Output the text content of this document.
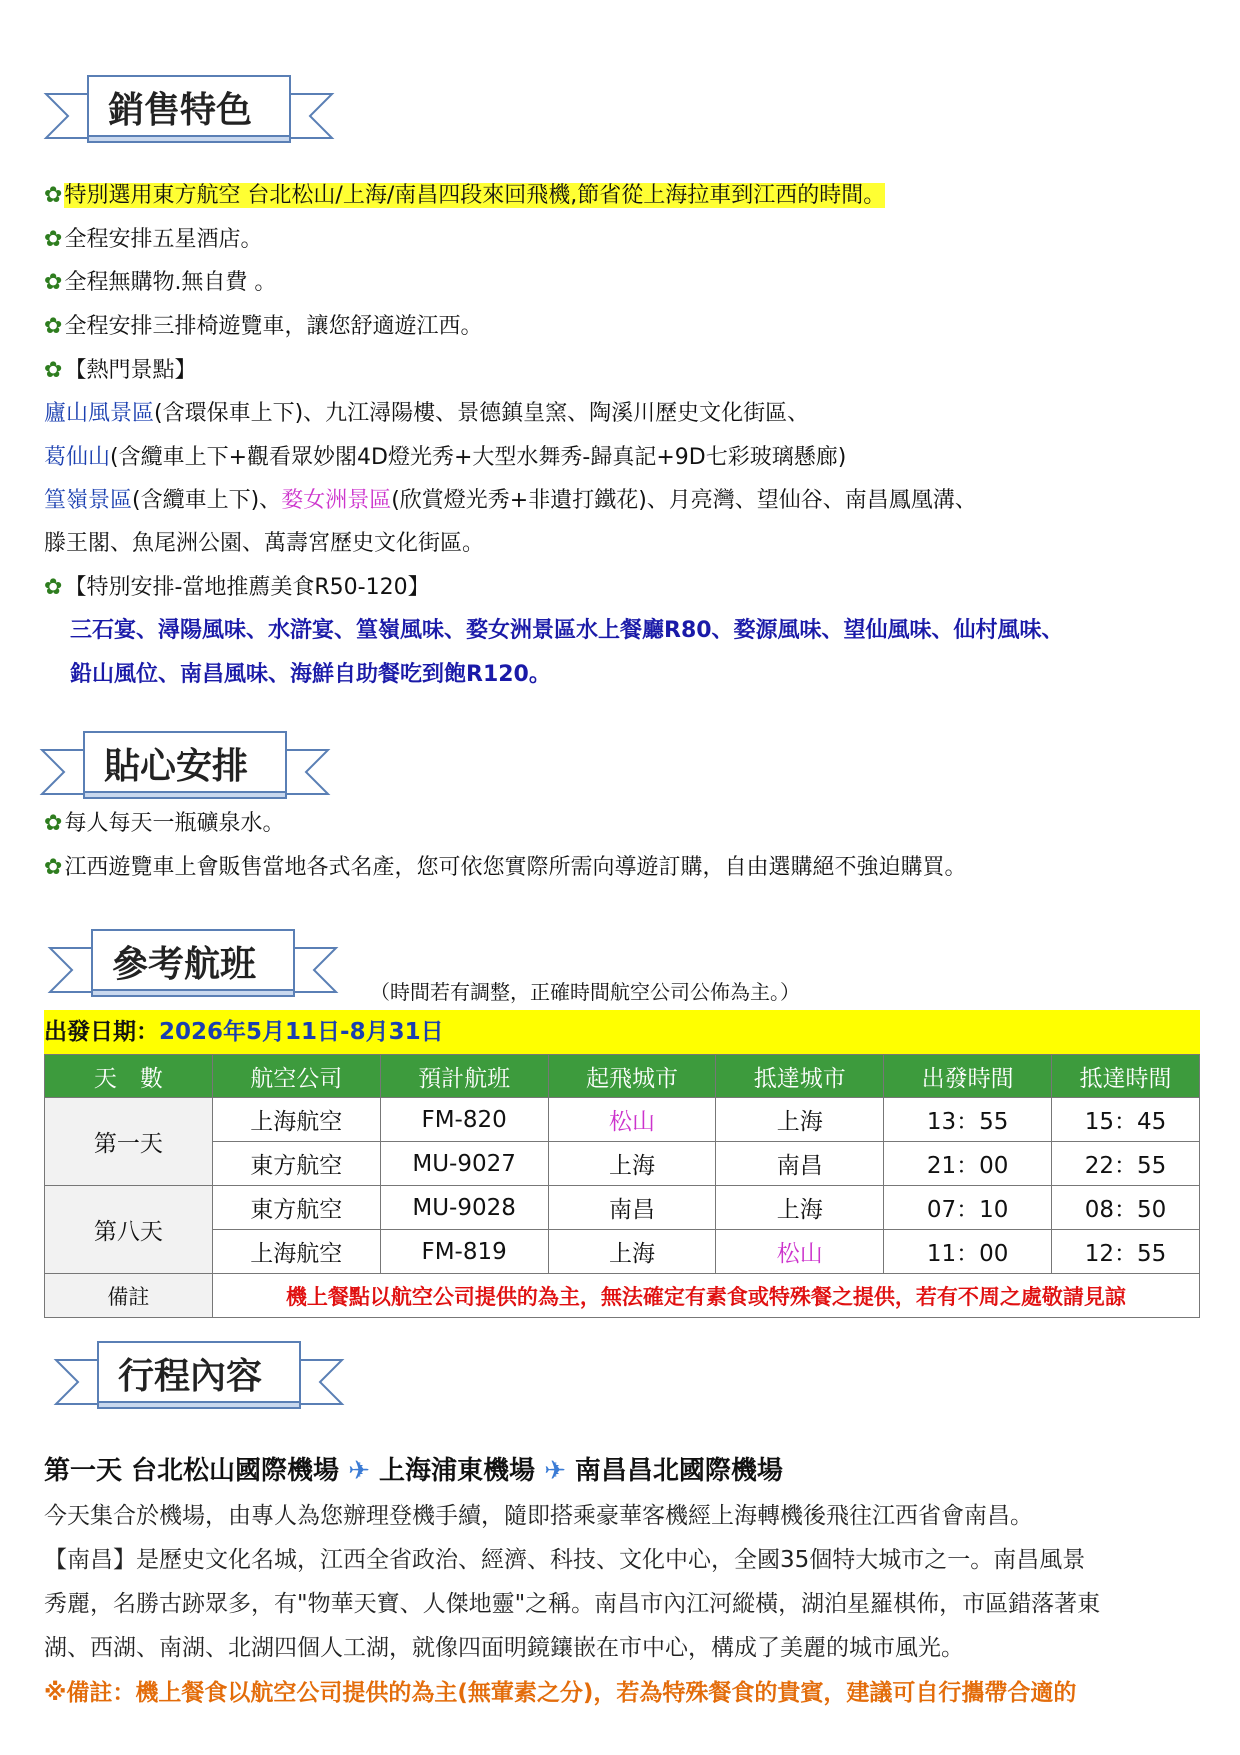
銷售特色
✿特別選用東方航空 台北松山/上海/南昌四段來回飛機,節省從上海拉車到江西的時間。
✿全程安排五星酒店。
✿全程無購物.無自費 。
✿全程安排三排椅遊覽車，讓您舒適遊江西。
✿【熱門景點】
廬山風景區(含環保車上下)、九江潯陽樓、景德鎮皇窯、陶溪川歷史文化街區、
葛仙山(含纜車上下+觀看眾妙閣4D燈光秀+大型水舞秀-歸真記+9D七彩玻璃懸廊)
篁嶺景區(含纜車上下)、婺女洲景區(欣賞燈光秀+非遺打鐵花)、月亮灣、望仙谷、南昌鳳凰溝、
滕王閣、魚尾洲公園、萬壽宮歷史文化街區。
✿【特別安排-當地推薦美食R50-120】
三石宴、潯陽風味、水滸宴、篁嶺風味、婺女洲景區水上餐廳R80、婺源風味、望仙風味、仙村風味、
鉛山風位、南昌風味、海鮮自助餐吃到飽R120。
貼心安排
✿每人每天一瓶礦泉水。
✿江西遊覽車上會販售當地各式名產，您可依您實際所需向導遊訂購，自由選購絕不強迫購買。
參考航班
（時間若有調整，正確時間航空公司公佈為主。）
出發日期：2026年5月11日-8月31日
天　數	航空公司	預計航班	起飛城市	抵達城市	出發時間	抵達時間
第一天	上海航空	FM-820	松山	上海	13：55	15：45
	東方航空	MU-9027	上海	南昌	21：00	22：55
第八天	東方航空	MU-9028	南昌	上海	07：10	08：50
	上海航空	FM-819	上海	松山	11：00	12：55
備註	機上餐點以航空公司提供的為主，無法確定有素食或特殊餐之提供，若有不周之處敬請見諒					
行程內容
第一天 台北松山國際機場 ✈ 上海浦東機場 ✈ 南昌昌北國際機場
今天集合於機場，由專人為您辦理登機手續，隨即搭乘豪華客機經上海轉機後飛往江西省會南昌。
【南昌】是歷史文化名城，江西全省政治、經濟、科技、文化中心，全國35個特大城市之一。南昌風景
秀麗，名勝古跡眾多，有"物華天寶、人傑地靈"之稱。南昌市內江河縱橫，湖泊星羅棋佈，市區錯落著東
湖、西湖、南湖、北湖四個人工湖，就像四面明鏡鑲嵌在市中心，構成了美麗的城市風光。
※備註：機上餐食以航空公司提供的為主(無葷素之分)，若為特殊餐食的貴賓，建議可自行攜帶合適的
